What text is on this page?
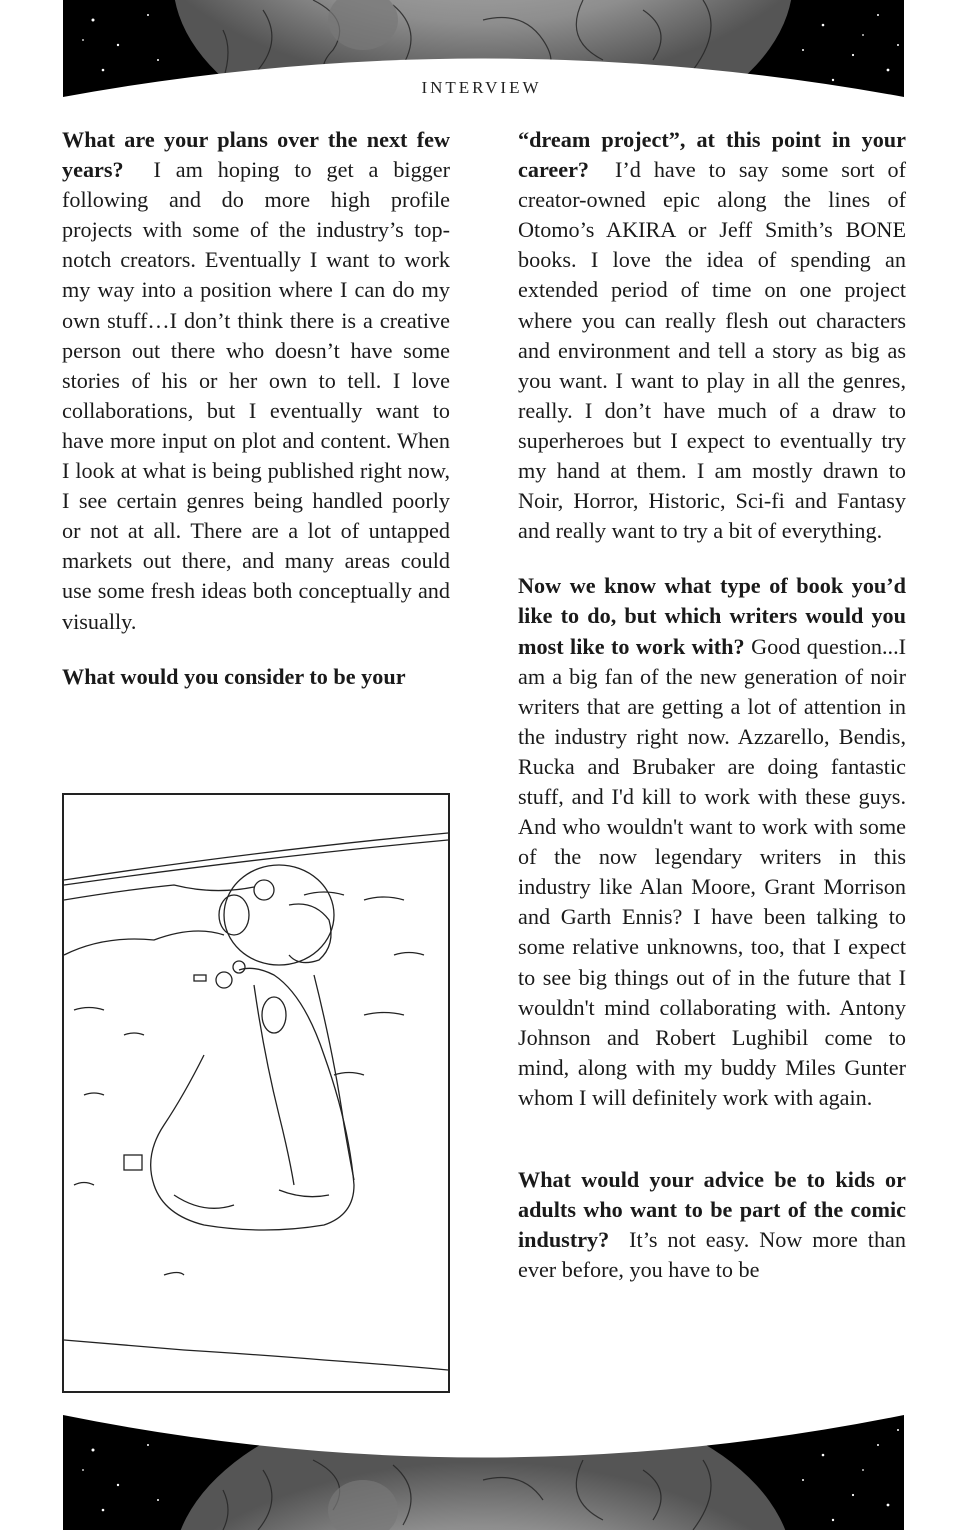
INTERVIEW

What are your plans over the next few years? I am hoping to get a bigger following and do more high profile projects with some of the industry’s top-notch creators. Eventually I want to work my way into a position where I can do my own stuff…I don’t think there is a creative person out there who doesn’t have some stories of his or her own to tell. I love collaborations, but I eventually want to have more input on plot and content. When I look at what is being published right now, I see certain genres being handled poorly or not at all. There are a lot of untapped markets out there, and many areas could use some fresh ideas both conceptually and visually.

What would you consider to be your

“dream project”, at this point in your career? I’d have to say some sort of creator-owned epic along the lines of Otomo’s AKIRA or Jeff Smith’s BONE books. I love the idea of spending an extended period of time on one project where you can really flesh out characters and environment and tell a story as big as you want. I want to play in all the genres, really. I don’t have much of a draw to superheroes but I expect to eventually try my hand at them. I am mostly drawn to Noir, Horror, Historic, Sci-fi and Fantasy and really want to try a bit of everything.

Now we know what type of book you’d like to do, but which writers would you most like to work with? Good question...I am a big fan of the new generation of noir writers that are getting a lot of attention in the industry right now. Azzarello, Bendis, Rucka and Brubaker are doing fantastic stuff, and I'd kill to work with these guys. And who wouldn't want to work with some of the now legendary writers in this industry like Alan Moore, Grant Morrison and Garth Ennis? I have been talking to some relative unknowns, too, that I expect to see big things out of in the future that I wouldn't mind collaborating with. Antony Johnson and Robert Lughibil come to mind, along with my buddy Miles Gunter whom I will definitely work with again.

What would your advice be to kids or adults who want to be part of the comic industry? It’s not easy. Now more than ever before, you have to be
